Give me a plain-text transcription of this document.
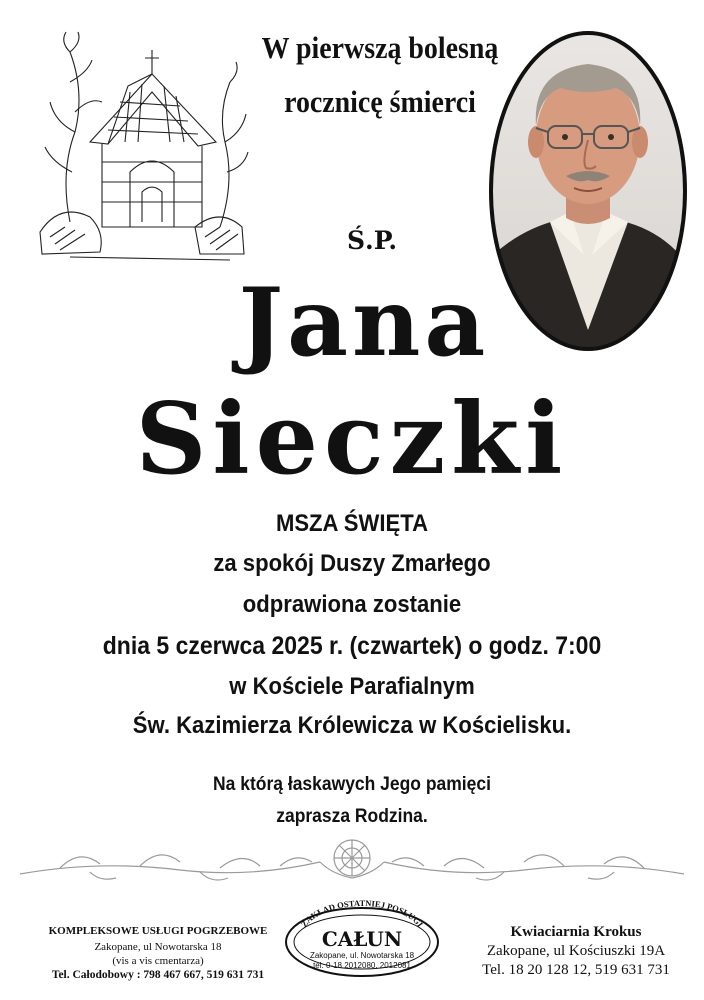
W pierwszą bolesną
rocznicę śmierci
Ś.P.
Jana
Sieczki
MSZA ŚWIĘTA
za spokój Duszy Zmarłego
odprawiona zostanie
dnia 5 czerwca 2025 r. (czwartek) o godz. 7:00
w Kościele Parafialnym
Św. Kazimierza Królewicza w Kościelisku.
Na którą łaskawych Jego pamięci
zaprasza Rodzina.
KOMPLEKSOWE USŁUGI POGRZEBOWE
Zakopane, ul Nowotarska 18
(vis a vis cmentarza)
Tel. Całodobowy : 798 467 667, 519 631 731
ZAKŁAD OSTATNIEJ POSŁUGI
CAŁUN
Zakopane, ul. Nowotarska 18
tel. 0-18 2012080, 2012081
Kwiaciarnia Krokus
Zakopane, ul Kościuszki 19A
Tel. 18 20 128 12, 519 631 731
